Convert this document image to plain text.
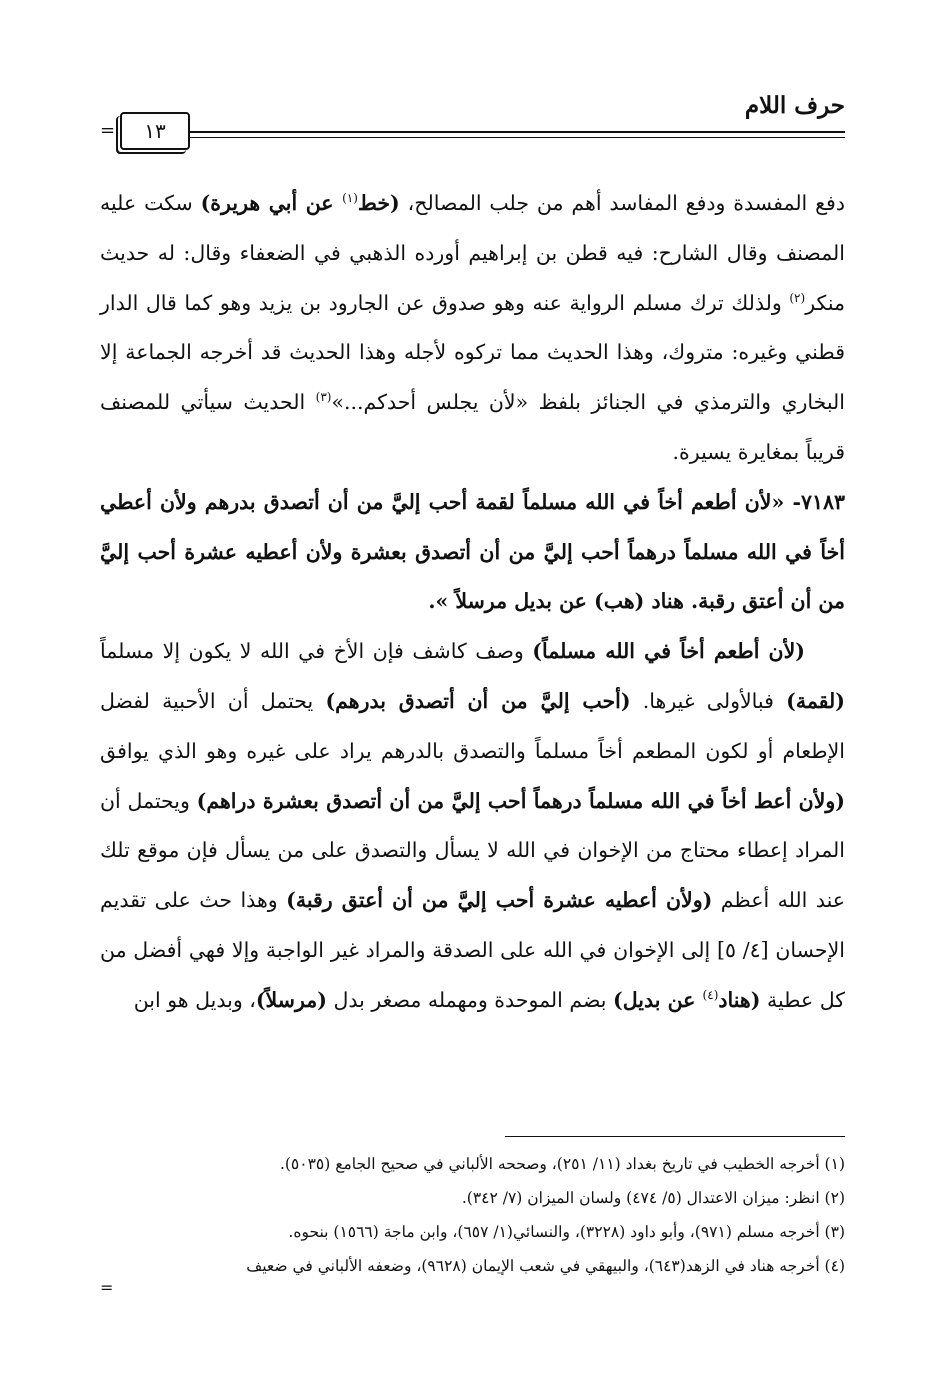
حرف اللام
١٣
=

دفع المفسدة ودفع المفاسد أهم من جلب المصالح، (خط$^{(١)}$ عن أبي هريرة) سكت عليه المصنف وقال الشارح: فيه قطن بن إبراهيم أورده الذهبي في الضعفاء وقال: له حديث منكر$^{(٢)}$ ولذلك ترك مسلم الرواية عنه وهو صدوق عن الجارود بن يزيد وهو كما قال الدار قطني وغيره: متروك، وهذا الحديث مما تركوه لأجله وهذا الحديث قد أخرجه الجماعة إلا البخاري والترمذي في الجنائز بلفظ «لأن يجلس أحدكم...»$^{(٣)}$ الحديث سيأتي للمصنف قريباً بمغايرة يسيرة.

٧١٨٣- «لأن أطعم أخاً في الله مسلماً لقمة أحب إليَّ من أن أتصدق بدرهم ولأن أعطي أخاً في الله مسلماً درهماً أحب إليَّ من أن أتصدق بعشرة ولأن أعطيه عشرة أحب إليَّ من أن أعتق رقبة. هناد (هب) عن بديل مرسلاً ».

(لأن أطعم أخاً في الله مسلماً) وصف كاشف فإن الأخ في الله لا يكون إلا مسلماً (لقمة) فبالأولى غيرها. (أحب إليَّ من أن أتصدق بدرهم) يحتمل أن الأحبية لفضل الإطعام أو لكون المطعم أخاً مسلماً والتصدق بالدرهم يراد على غيره وهو الذي يوافق (ولأن أعط أخاً في الله مسلماً درهماً أحب إليَّ من أن أتصدق بعشرة دراهم) ويحتمل أن المراد إعطاء محتاج من الإخوان في الله لا يسأل والتصدق على من يسأل فإن موقع تلك عند الله أعظم (ولأن أعطيه عشرة أحب إليَّ من أن أعتق رقبة) وهذا حث على تقديم الإحسان [٤/ ٥] إلى الإخوان في الله على الصدقة والمراد غير الواجبة وإلا فهي أفضل من كل عطية (هناد$^{(٤)}$ عن بديل) بضم الموحدة ومهمله مصغر بدل (مرسلاً)، وبديل هو ابن

(١) أخرجه الخطيب في تاريخ بغداد (١١/ ٢٥١)، وصححه الألباني في صحيح الجامع (٥٠٣٥).

(٢) انظر: ميزان الاعتدال (٥/ ٤٧٤) ولسان الميزان (٧/ ٣٤٢).

(٣) أخرجه مسلم (٩٧١)، وأبو داود (٣٢٢٨)، والنسائي(١/ ٦٥٧)، وابن ماجة (١٥٦٦) بنحوه.

(٤) أخرجه هناد في الزهد(٦٤٣)، والبيهقي في شعب الإيمان (٩٦٢٨)، وضعفه الألباني في ضعيف

=
